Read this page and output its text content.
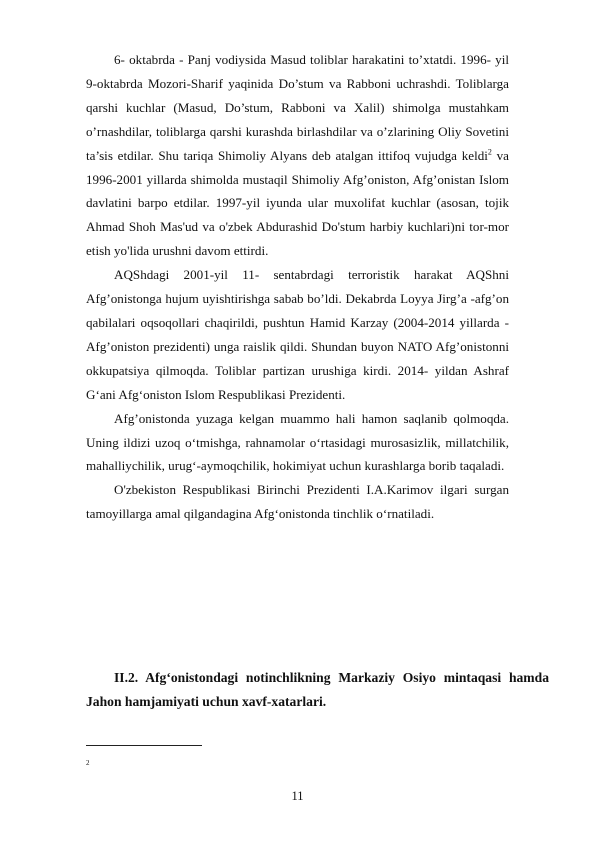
6- oktabrda - Panj vodiysida Masud toliblar harakatini to’xtatdi. 1996- yil 9-oktabrda Mozori-Sharif yaqinida Do’stum va Rabboni uchrashdi. Toliblarga qarshi kuchlar (Masud, Do’stum, Rabboni va Xalil) shimolga mustahkam o’rnashdilar, toliblarga qarshi kurashda birlashdilar va o’zlarining Oliy Sovetini ta’sis etdilar. Shu tariqa Shimoliy Alyans deb atalgan ittifoq vujudga keldi$^2$ va 1996-2001 yillarda shimolda mustaqil Shimoliy Afg’oniston, Afg’onistan Islom davlatini barpo etdilar. 1997-yil iyunda ular muxolifat kuchlar (asosan, tojik Ahmad Shoh Mas'ud va o'zbek Abdurashid Do'stum harbiy kuchlari)ni tor-mor etish yo'lida urushni davom ettirdi.

AQShdagi 2001-yil 11- sentabrdagi terroristik harakat AQShni Afg’onistonga hujum uyishtirishga sabab bo’ldi. Dekabrda Loyya Jirg’a -afg’on qabilalari oqsoqollari chaqirildi, pushtun Hamid Karzay (2004-2014 yillarda - Afg’oniston prezidenti) unga raislik qildi. Shundan buyon NATO Afg’onistonni okkupatsiya qilmoqda. Toliblar partizan urushiga kirdi. 2014- yildan Ashraf G‘ani Afg‘oniston Islom Respublikasi Prezidenti.

Afg’onistonda yuzaga kelgan muammo hali hamon saqlanib qolmoqda. Uning ildizi uzoq o‘tmishga, rahnamolar o‘rtasidagi murosasizlik, millatchilik, mahalliychilik, urug‘-aymoqchilik, hokimiyat uchun kurashlarga borib taqaladi.

O'zbekiston Respublikasi Birinchi Prezidenti I.A.Karimov ilgari surgan tamoyillarga amal qilgandagina Afg‘onistonda tinchlik o‘rnatiladi.

II.2. Afg‘onistondagi notinchlikning Markaziy Osiyo mintaqasi hamda Jahon hamjamiyati uchun xavf-xatarlari.

2
11
